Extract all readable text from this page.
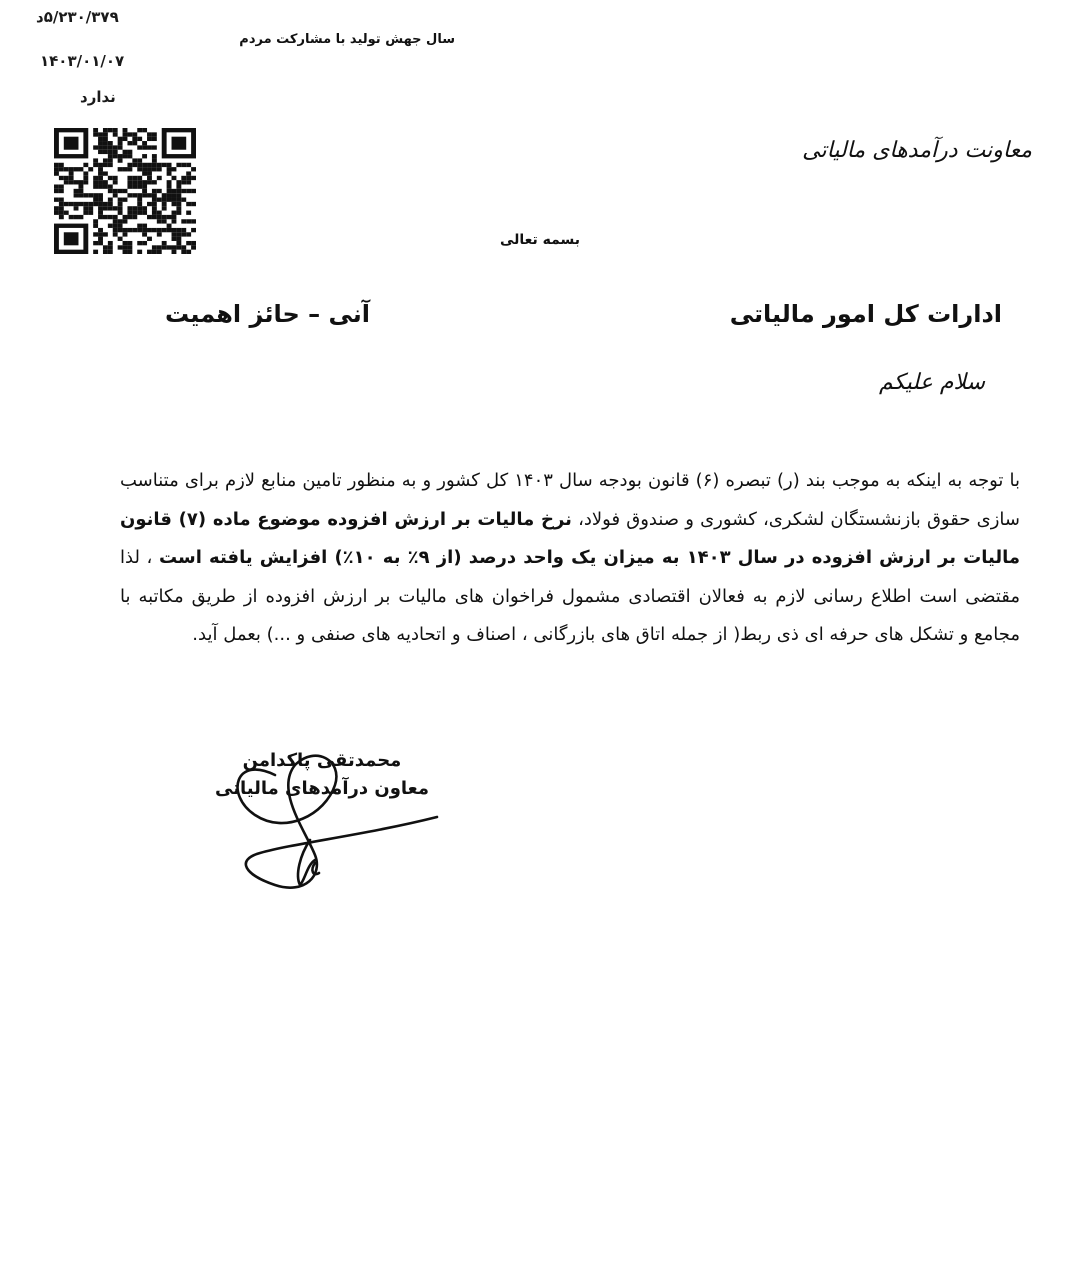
۵/۲۳۰/۳۷۹د
۱۴۰۳/۰۱/۰۷
ندارد
سال جهش تولید با مشارکت مردم
معاونت درآمدهای مالیاتی
بسمه تعالی
ادارات کل امور مالیاتی
آنی – حائز اهمیت
سلام علیکم
با توجه به اینکه به موجب بند (ر) تبصره (۶) قانون بودجه سال ۱۴۰۳ کل کشور و به منظور تامین منابع لازم برای متناسب سازی حقوق بازنشستگان لشکری، کشوری و صندوق فولاد، نرخ مالیات بر ارزش افزوده موضوع ماده (۷) قانون مالیات بر ارزش افزوده در سال ۱۴۰۳ به میزان یک واحد درصد (از ۹٪ به ۱۰٪) افزایش یافته است ، لذا مقتضی است اطلاع رسانی لازم به فعالان اقتصادی مشمول فراخوان های مالیات بر ارزش افزوده از طریق مکاتبه با مجامع و تشکل های حرفه ای ذی ربط( از جمله اتاق های بازرگانی ، اصناف و اتحادیه های صنفی و ...) بعمل آید.
محمدتقی پاکدامن
معاون درآمدهای مالیاتی
